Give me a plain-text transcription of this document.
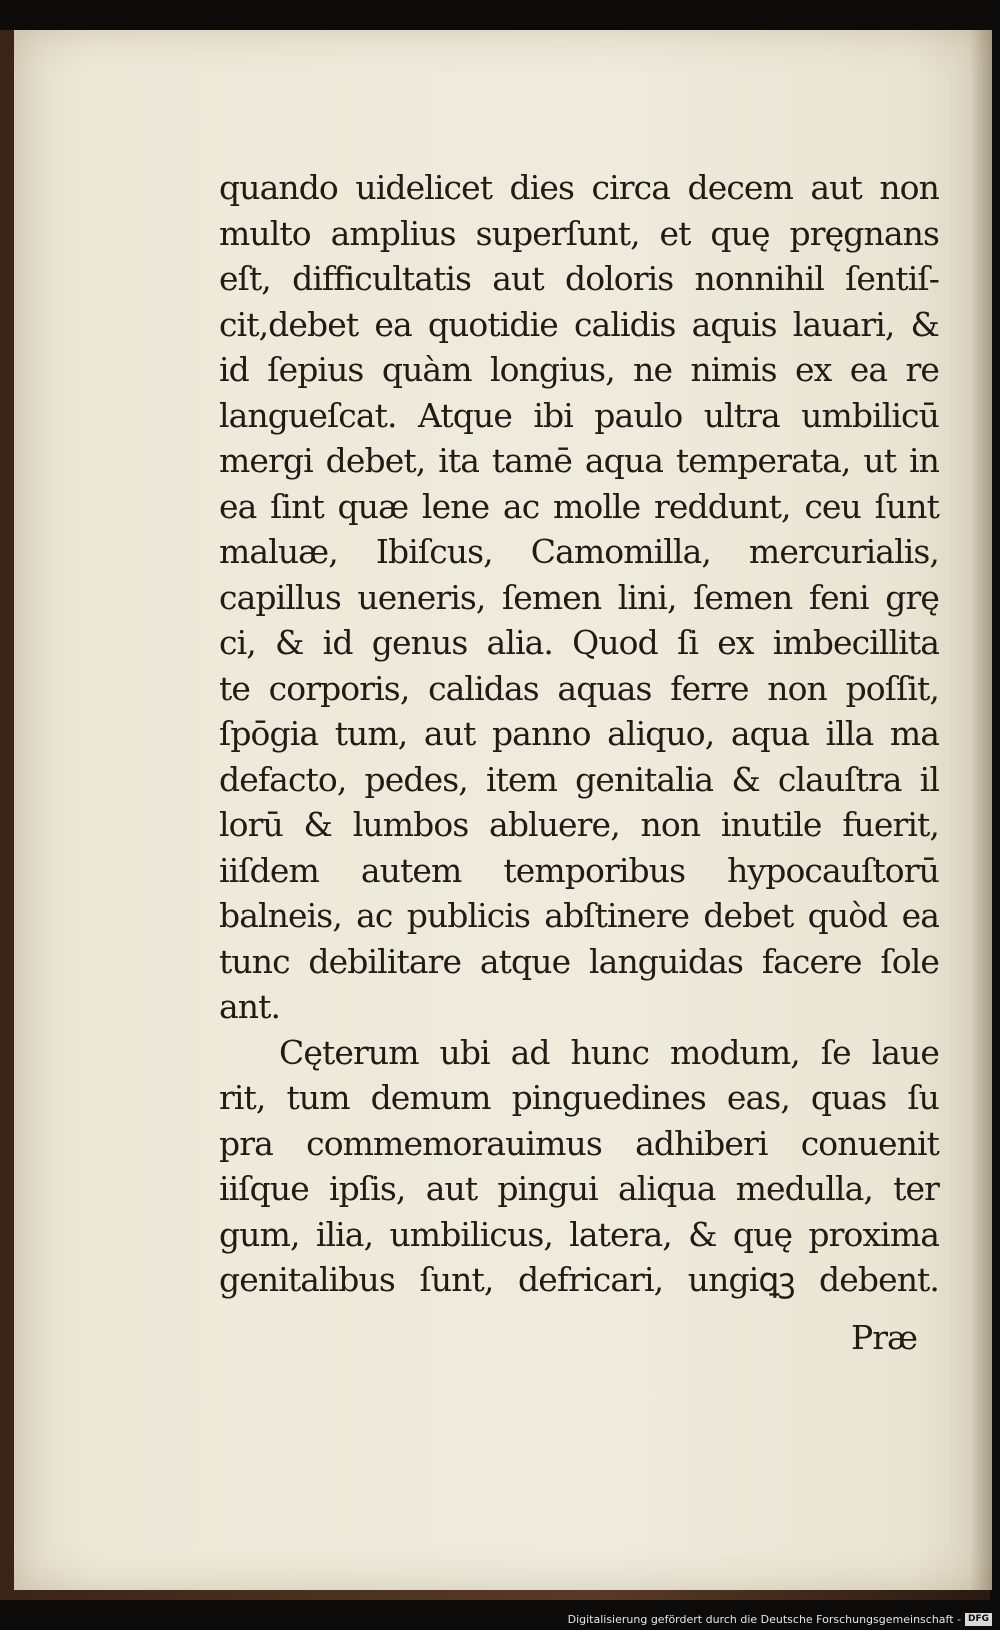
quando uidelicet dies circa decem aut non
multo amplius superſunt, et quę pręgnans
eſt, difficultatis aut doloris nonnihil ſentiſ-
cit,debet ea quotidie calidis aquis lauari, &
id ſepius quàm longius, ne nimis ex ea re
langueſcat. Atque ibi paulo ultra umbilicū
mergi debet, ita tamē aqua temperata, ut in
ea ſint quæ lene ac molle reddunt, ceu ſunt
maluæ, Ibiſcus, Camomilla, mercurialis,
capillus ueneris, ſemen lini, ſemen feni grę
ci, & id genus alia. Quod ſi ex imbecillita
te corporis, calidas aquas ferre non poſſit,
ſpōgia tum, aut panno aliquo, aqua illa ma
defacto, pedes, item genitalia & clauſtra il
lorū & lumbos abluere, non inutile fuerit,
iiſdem autem temporibus hypocauſtorū
balneis, ac publicis abſtinere debet quòd ea
tunc debilitare atque languidas facere ſole
ant.
Cęterum ubi ad hunc modum, ſe laue
rit, tum demum pinguedines eas, quas ſu
pra commemorauimus adhiberi conuenit
iiſque ipſis, aut pingui aliqua medulla, ter
gum, ilia, umbilicus, latera, & quę proxima
genitalibus ſunt, defricari, ungiꝗꝫ debent.
Præ
Digitalisierung gefördert durch die Deutsche Forschungsgemeinschaft - DFG
